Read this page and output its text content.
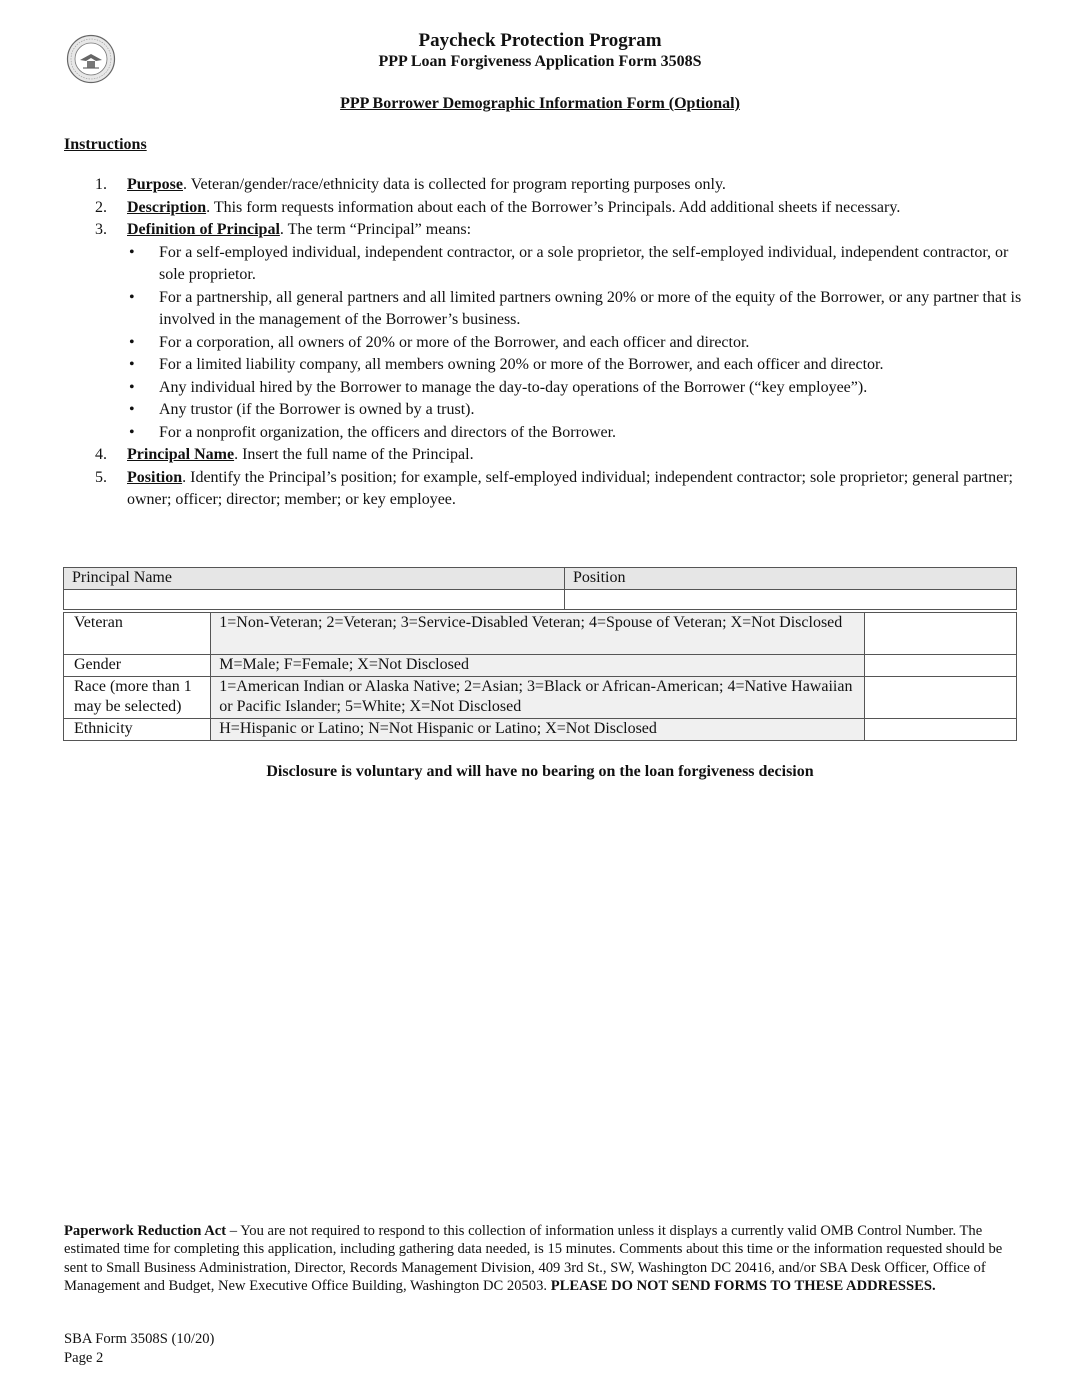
Paycheck Protection Program
PPP Loan Forgiveness Application Form 3508S
PPP Borrower Demographic Information Form (Optional)
Instructions
1. Purpose. Veteran/gender/race/ethnicity data is collected for program reporting purposes only.
2. Description. This form requests information about each of the Borrower’s Principals. Add additional sheets if necessary.
3. Definition of Principal. The term “Principal” means:
• For a self-employed individual, independent contractor, or a sole proprietor, the self-employed individual, independent contractor, or sole proprietor.
• For a partnership, all general partners and all limited partners owning 20% or more of the equity of the Borrower, or any partner that is involved in the management of the Borrower’s business.
• For a corporation, all owners of 20% or more of the Borrower, and each officer and director.
• For a limited liability company, all members owning 20% or more of the Borrower, and each officer and director.
• Any individual hired by the Borrower to manage the day-to-day operations of the Borrower (“key employee”).
• Any trustor (if the Borrower is owned by a trust).
• For a nonprofit organization, the officers and directors of the Borrower.
4. Principal Name. Insert the full name of the Principal.
5. Position. Identify the Principal’s position; for example, self-employed individual; independent contractor; sole proprietor; general partner; owner; officer; director; member; or key employee.
Principal Name	Position

Veteran	1=Non-Veteran; 2=Veteran; 3=Service-Disabled Veteran; 4=Spouse of Veteran; X=Not Disclosed	
Gender	M=Male; F=Female; X=Not Disclosed	
Race (more than 1 may be selected)	1=American Indian or Alaska Native; 2=Asian; 3=Black or African-American; 4=Native Hawaiian or Pacific Islander; 5=White; X=Not Disclosed	
Ethnicity	H=Hispanic or Latino; N=Not Hispanic or Latino; X=Not Disclosed	
Disclosure is voluntary and will have no bearing on the loan forgiveness decision
Paperwork Reduction Act – You are not required to respond to this collection of information unless it displays a currently valid OMB Control Number. The estimated time for completing this application, including gathering data needed, is 15 minutes. Comments about this time or the information requested should be sent to Small Business Administration, Director, Records Management Division, 409 3rd St., SW, Washington DC 20416, and/or SBA Desk Officer, Office of Management and Budget, New Executive Office Building, Washington DC 20503. PLEASE DO NOT SEND FORMS TO THESE ADDRESSES.
SBA Form 3508S (10/20)
Page 2
